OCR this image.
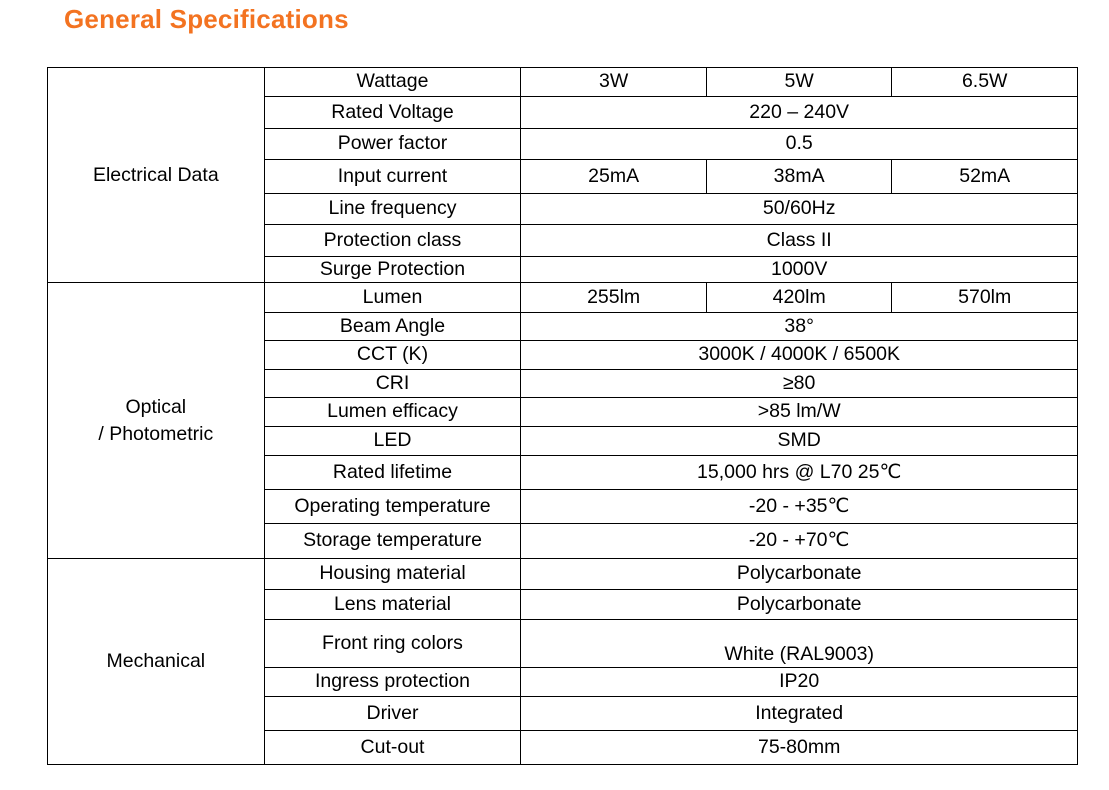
General Specifications
Electrical Data	Wattage	3W	5W	6.5W
	Rated Voltage	220 – 240V		
	Power factor	0.5		
	Input current	25mA	38mA	52mA
	Line frequency	50/60Hz		
	Protection class	Class II		
	Surge Protection	1000V		
Optical
/ Photometric	Lumen	255lm	420lm	570lm
	Beam Angle	38°		
	CCT (K)	3000K / 4000K / 6500K		
	CRI	≥80		
	Lumen efficacy	>85 lm/W		
	LED	SMD		
	Rated lifetime	15,000 hrs @ L70 25℃		
	Operating temperature	-20 - +35℃		
	Storage temperature	-20 - +70℃		
Mechanical	Housing material	Polycarbonate		
	Lens material	Polycarbonate		
	Front ring colors	White (RAL9003)		
	Ingress protection	IP20		
	Driver	Integrated		
	Cut-out	75-80mm		
